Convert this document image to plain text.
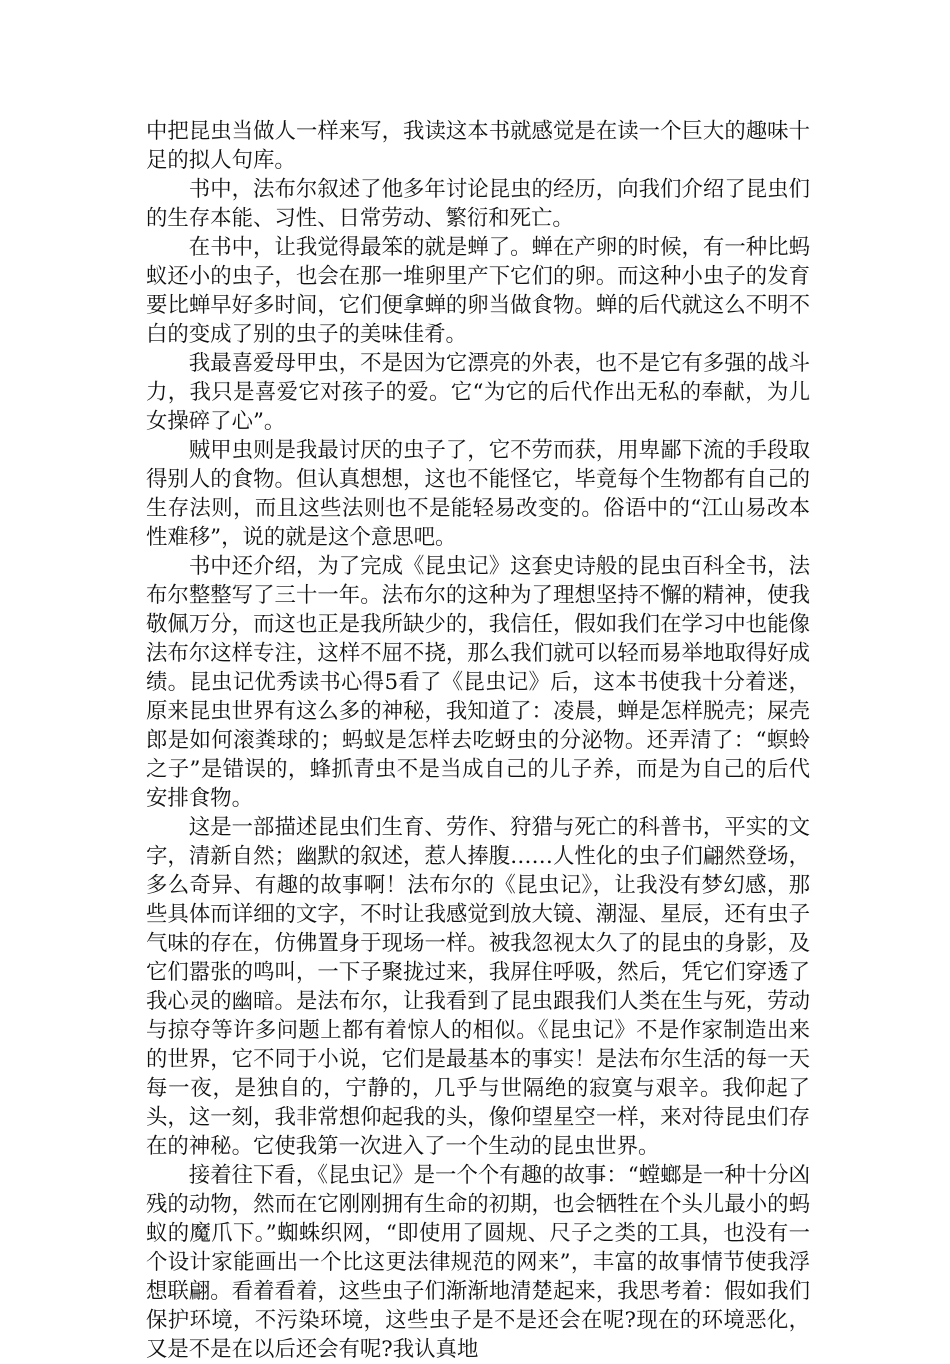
中把昆虫当做人一样来写，我读这本书就感觉是在读一个巨大的趣味十足的拟人句库。

书中，法布尔叙述了他多年讨论昆虫的经历，向我们介绍了昆虫们的生存本能、习性、日常劳动、繁衍和死亡。

在书中，让我觉得最笨的就是蝉了。蝉在产卵的时候，有一种比蚂蚁还小的虫子，也会在那一堆卵里产下它们的卵。而这种小虫子的发育要比蝉早好多时间，它们便拿蝉的卵当做食物。蝉的后代就这么不明不白的变成了别的虫子的美味佳肴。

我最喜爱母甲虫，不是因为它漂亮的外表，也不是它有多强的战斗力，我只是喜爱它对孩子的爱。它“为它的后代作出无私的奉献，为儿女操碎了心”。

贼甲虫则是我最讨厌的虫子了，它不劳而获，用卑鄙下流的手段取得别人的食物。但认真想想，这也不能怪它，毕竟每个生物都有自己的生存法则，而且这些法则也不是能轻易改变的。俗语中的“江山易改本性难移”，说的就是这个意思吧。

书中还介绍，为了完成《昆虫记》这套史诗般的昆虫百科全书，法布尔整整写了三十一年。法布尔的这种为了理想坚持不懈的精神，使我敬佩万分，而这也正是我所缺少的，我信任，假如我们在学习中也能像法布尔这样专注，这样不屈不挠，那么我们就可以轻而易举地取得好成绩。昆虫记优秀读书心得5看了《昆虫记》后，这本书使我十分着迷，原来昆虫世界有这么多的神秘，我知道了：凌晨，蝉是怎样脱壳；屎壳郎是如何滚粪球的；蚂蚁是怎样去吃蚜虫的分泌物。还弄清了：“螟蛉之子”是错误的，蜂抓青虫不是当成自己的儿子养，而是为自己的后代安排食物。

这是一部描述昆虫们生育、劳作、狩猎与死亡的科普书，平实的文字，清新自然；幽默的叙述，惹人捧腹……人性化的虫子们翩然登场，多么奇异、有趣的故事啊！法布尔的《昆虫记》，让我没有梦幻感，那些具体而详细的文字，不时让我感觉到放大镜、潮湿、星辰，还有虫子气味的存在，仿佛置身于现场一样。被我忽视太久了的昆虫的身影，及它们嚣张的鸣叫，一下子聚拢过来，我屏住呼吸，然后，凭它们穿透了我心灵的幽暗。是法布尔，让我看到了昆虫跟我们人类在生与死，劳动与掠夺等许多问题上都有着惊人的相似。《昆虫记》不是作家制造出来的世界，它不同于小说，它们是最基本的事实！是法布尔生活的每一天每一夜，是独自的，宁静的，几乎与世隔绝的寂寞与艰辛。我仰起了头，这一刻，我非常想仰起我的头，像仰望星空一样，来对待昆虫们存在的神秘。它使我第一次进入了一个生动的昆虫世界。

接着往下看，《昆虫记》是一个个有趣的故事：“螳螂是一种十分凶残的动物，然而在它刚刚拥有生命的初期，也会牺牲在个头儿最小的蚂蚁的魔爪下。”蜘蛛织网，“即使用了圆规、尺子之类的工具，也没有一个设计家能画出一个比这更法律规范的网来”，丰富的故事情节使我浮想联翩。看着看着，这些虫子们渐渐地清楚起来，我思考着：假如我们保护环境，不污染环境，这些虫子是不是还会在呢?现在的环境恶化，又是不是在以后还会有呢?我认真地
